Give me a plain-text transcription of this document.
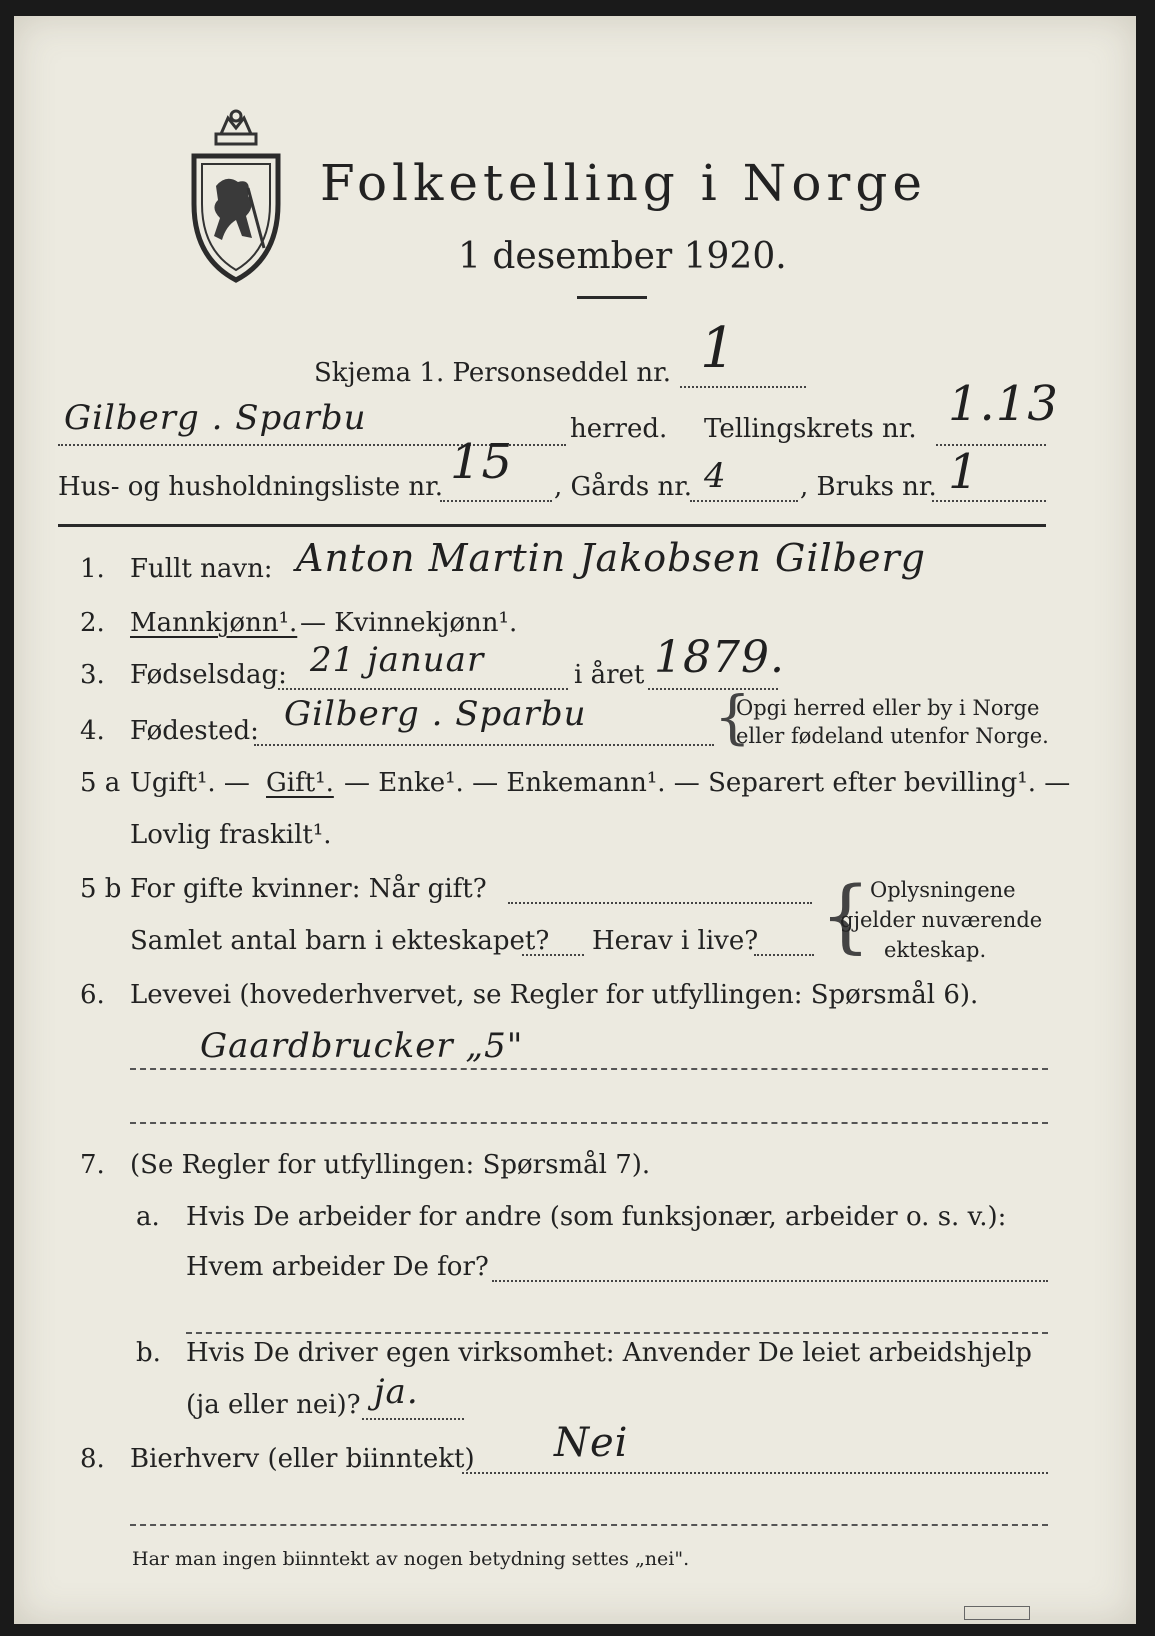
Folketelling i Norge
1 desember 1920.
Skjema 1. Personseddel nr. 1
Gilberg . Sparbu	herred. Tellingskrets nr. 1.13
Hus- og husholdningsliste nr. 15 , Gårds nr. 4	, Bruks nr. 1
1. Fullt navn: Anton Martin Jakobsen Gilberg
2. Mannkjønn¹. — Kvinnekjønn¹.
3. Fødselsdag: 21 januar	i året 1879.
4. Fødested: Gilberg . Sparbu {
Opgi herred eller by i Norge
eller fødeland utenfor Norge.
5 a Ugift¹. — Gift¹. — Enke¹. — Enkemann¹. — Separert efter bevilling¹. —
Lovlig fraskilt¹.
5 b For gifte kvinner: Når gift?
Samlet antal barn i ekteskapet? Herav i live? { Oplysningene
gjelder nuværende
ekteskap.
6. Levevei (hovederhvervet, se Regler for utfyllingen: Spørsmål 6).
Gaardbrucker „5"
7. (Se Regler for utfyllingen: Spørsmål 7).
a. Hvis De arbeider for andre (som funksjonær, arbeider o. s. v.):
Hvem arbeider De for?
b. Hvis De driver egen virksomhet: Anvender De leiet arbeidshjelp
(ja eller nei)? ja.
8. Bierhverv (eller biinntekt) Nei
Har man ingen biinntekt av nogen betydning settes „nei".
